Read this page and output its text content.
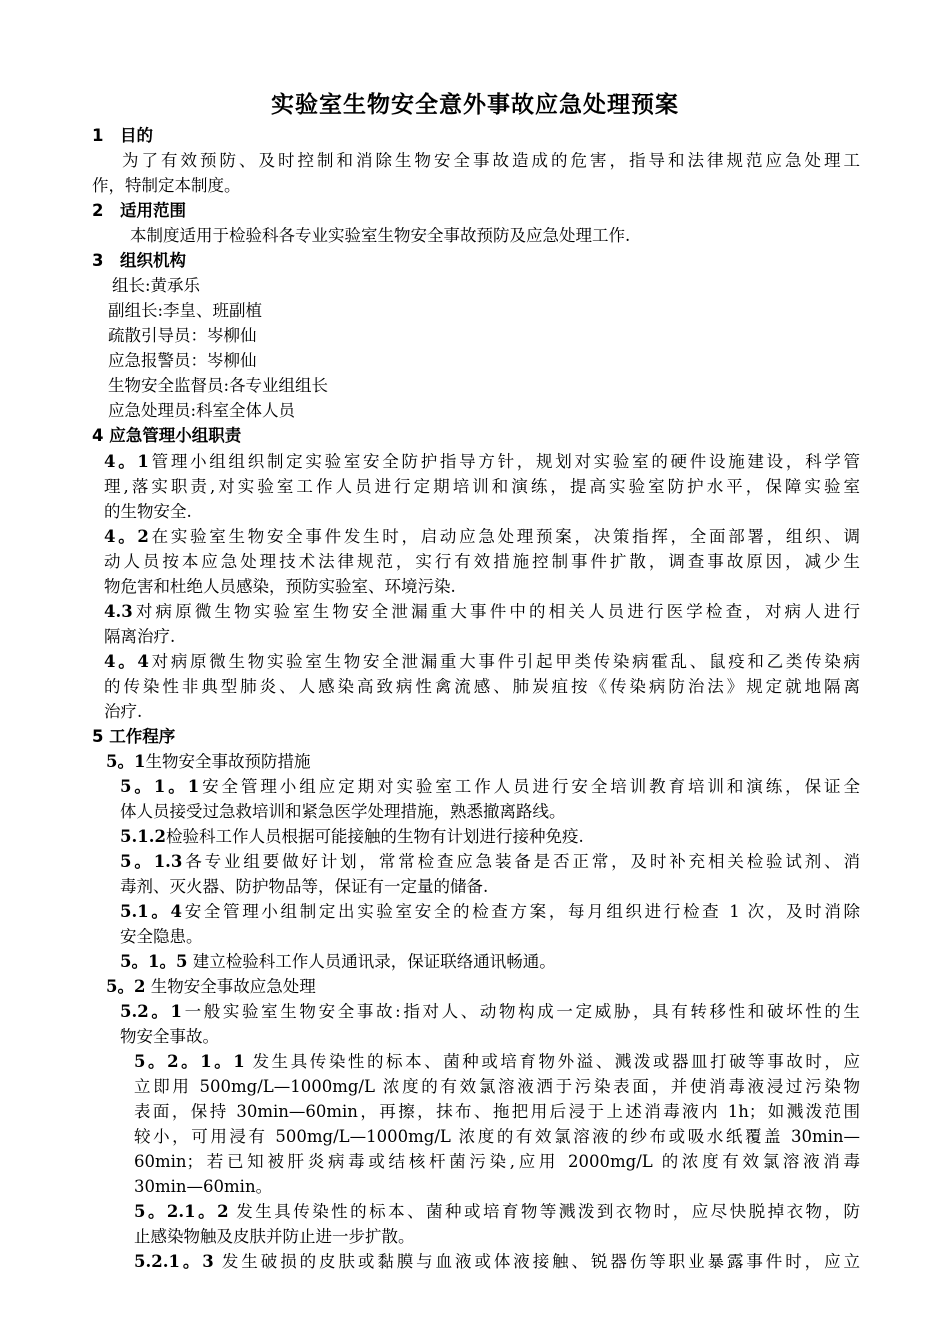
实验室生物安全意外事故应急处理预案
1 目的
为了有效预防、及时控制和消除生物安全事故造成的危害，指导和法律规范应急处理工
作，特制定本制度。
2 适用范围
本制度适用于检验科各专业实验室生物安全事故预防及应急处理工作.
3 组织机构
组长:黄承乐
副组长:李皇、班副植
疏散引导员：岑柳仙
应急报警员：岑柳仙
生物安全监督员:各专业组组长
应急处理员:科室全体人员
4 应急管理小组职责
4。1管理小组组织制定实验室安全防护指导方针，规划对实验室的硬件设施建设，科学管
理,落实职责,对实验室工作人员进行定期培训和演练，提高实验室防护水平，保障实验室
的生物安全.
4。2在实验室生物安全事件发生时，启动应急处理预案，决策指挥，全面部署，组织、调
动人员按本应急处理技术法律规范，实行有效措施控制事件扩散，调查事故原因，减少生
物危害和杜绝人员感染，预防实验室、环境污染.
4.3对病原微生物实验室生物安全泄漏重大事件中的相关人员进行医学检查，对病人进行
隔离治疗.
4。4对病原微生物实验室生物安全泄漏重大事件引起甲类传染病霍乱、鼠疫和乙类传染病
的传染性非典型肺炎、人感染高致病性禽流感、肺炭疽按《传染病防治法》规定就地隔离
治疗.
5 工作程序
5。1生物安全事故预防措施
5。1。1安全管理小组应定期对实验室工作人员进行安全培训教育培训和演练，保证全
体人员接受过急救培训和紧急医学处理措施，熟悉撤离路线。
5.1.2检验科工作人员根据可能接触的生物有计划进行接种免疫.
5。1.3各专业组要做好计划，常常检查应急装备是否正常，及时补充相关检验试剂、消
毒剂、灭火器、防护物品等，保证有一定量的储备.
5.1。4安全管理小组制定出实验室安全的检查方案，每月组织进行检查 1 次，及时消除
安全隐患。
5。1。5 建立检验科工作人员通讯录，保证联络通讯畅通。
5。2 生物安全事故应急处理
5.2。1一般实验室生物安全事故:指对人、动物构成一定威胁，具有转移性和破坏性的生
物安全事故。
5。2。1。1 发生具传染性的标本、菌种或培育物外溢、溅泼或器皿打破等事故时，应
立即用 500mg/L—1000mg/L 浓度的有效氯溶液洒于污染表面，并使消毒液浸过污染物
表面，保持 30min—60min，再擦，抹布、拖把用后浸于上述消毒液内 1h；如溅泼范围
较小，可用浸有 500mg/L—1000mg/L 浓度的有效氯溶液的纱布或吸水纸覆盖 30min—
60min；若已知被肝炎病毒或结核杆菌污染,应用 2000mg/L 的浓度有效氯溶液消毒
30min—60min。
5。2.1。2 发生具传染性的标本、菌种或培育物等溅泼到衣物时，应尽快脱掉衣物，防
止感染物触及皮肤并防止进一步扩散。
5.2.1。3 发生破损的皮肤或黏膜与血液或体液接触、锐器伤等职业暴露事件时，应立
